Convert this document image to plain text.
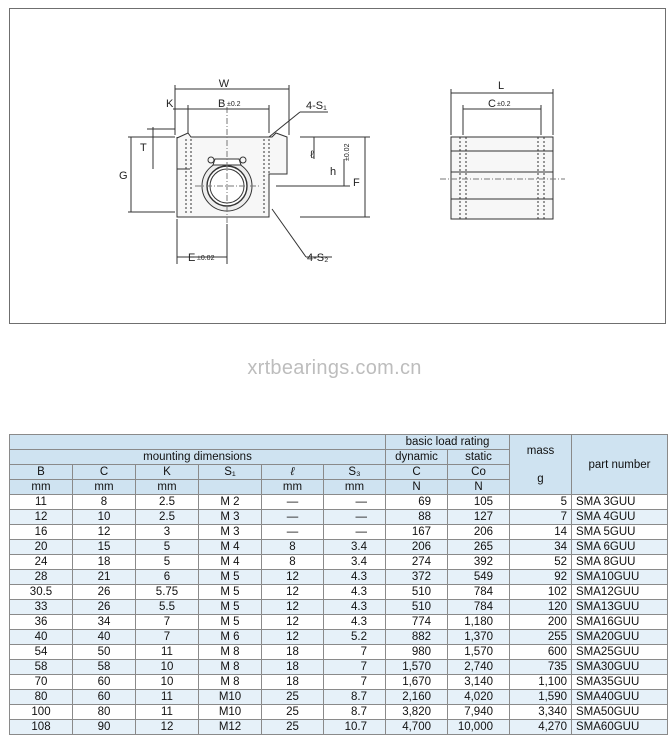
W
K	B ±0.2	4-S₁
T
G
ℓ
h
±0.02
F
E ±0.02	4-S₂
L
C ±0.2
xrtbearings.com.cn
						basic load rating		mass

g	part number
mounting dimensions						dynamic	static		
B	C	K	S₁	ℓ	S₃	C	Co		
mm	mm	mm		mm	mm	N	N		
11	8	2.5	M 2	—	—	69	105	5	SMA 3GUU
12	10	2.5	M 3	—	—	88	127	7	SMA 4GUU
16	12	3	M 3	—	—	167	206	14	SMA 5GUU
20	15	5	M 4	8	3.4	206	265	34	SMA 6GUU
24	18	5	M 4	8	3.4	274	392	52	SMA 8GUU
28	21	6	M 5	12	4.3	372	549	92	SMA10GUU
30.5	26	5.75	M 5	12	4.3	510	784	102	SMA12GUU
33	26	5.5	M 5	12	4.3	510	784	120	SMA13GUU
36	34	7	M 5	12	4.3	774	1,180	200	SMA16GUU
40	40	7	M 6	12	5.2	882	1,370	255	SMA20GUU
54	50	11	M 8	18	7	980	1,570	600	SMA25GUU
58	58	10	M 8	18	7	1,570	2,740	735	SMA30GUU
70	60	10	M 8	18	7	1,670	3,140	1,100	SMA35GUU
80	60	11	M10	25	8.7	2,160	4,020	1,590	SMA40GUU
100	80	11	M10	25	8.7	3,820	7,940	3,340	SMA50GUU
108	90	12	M12	25	10.7	4,700	10,000	4,270	SMA60GUU
